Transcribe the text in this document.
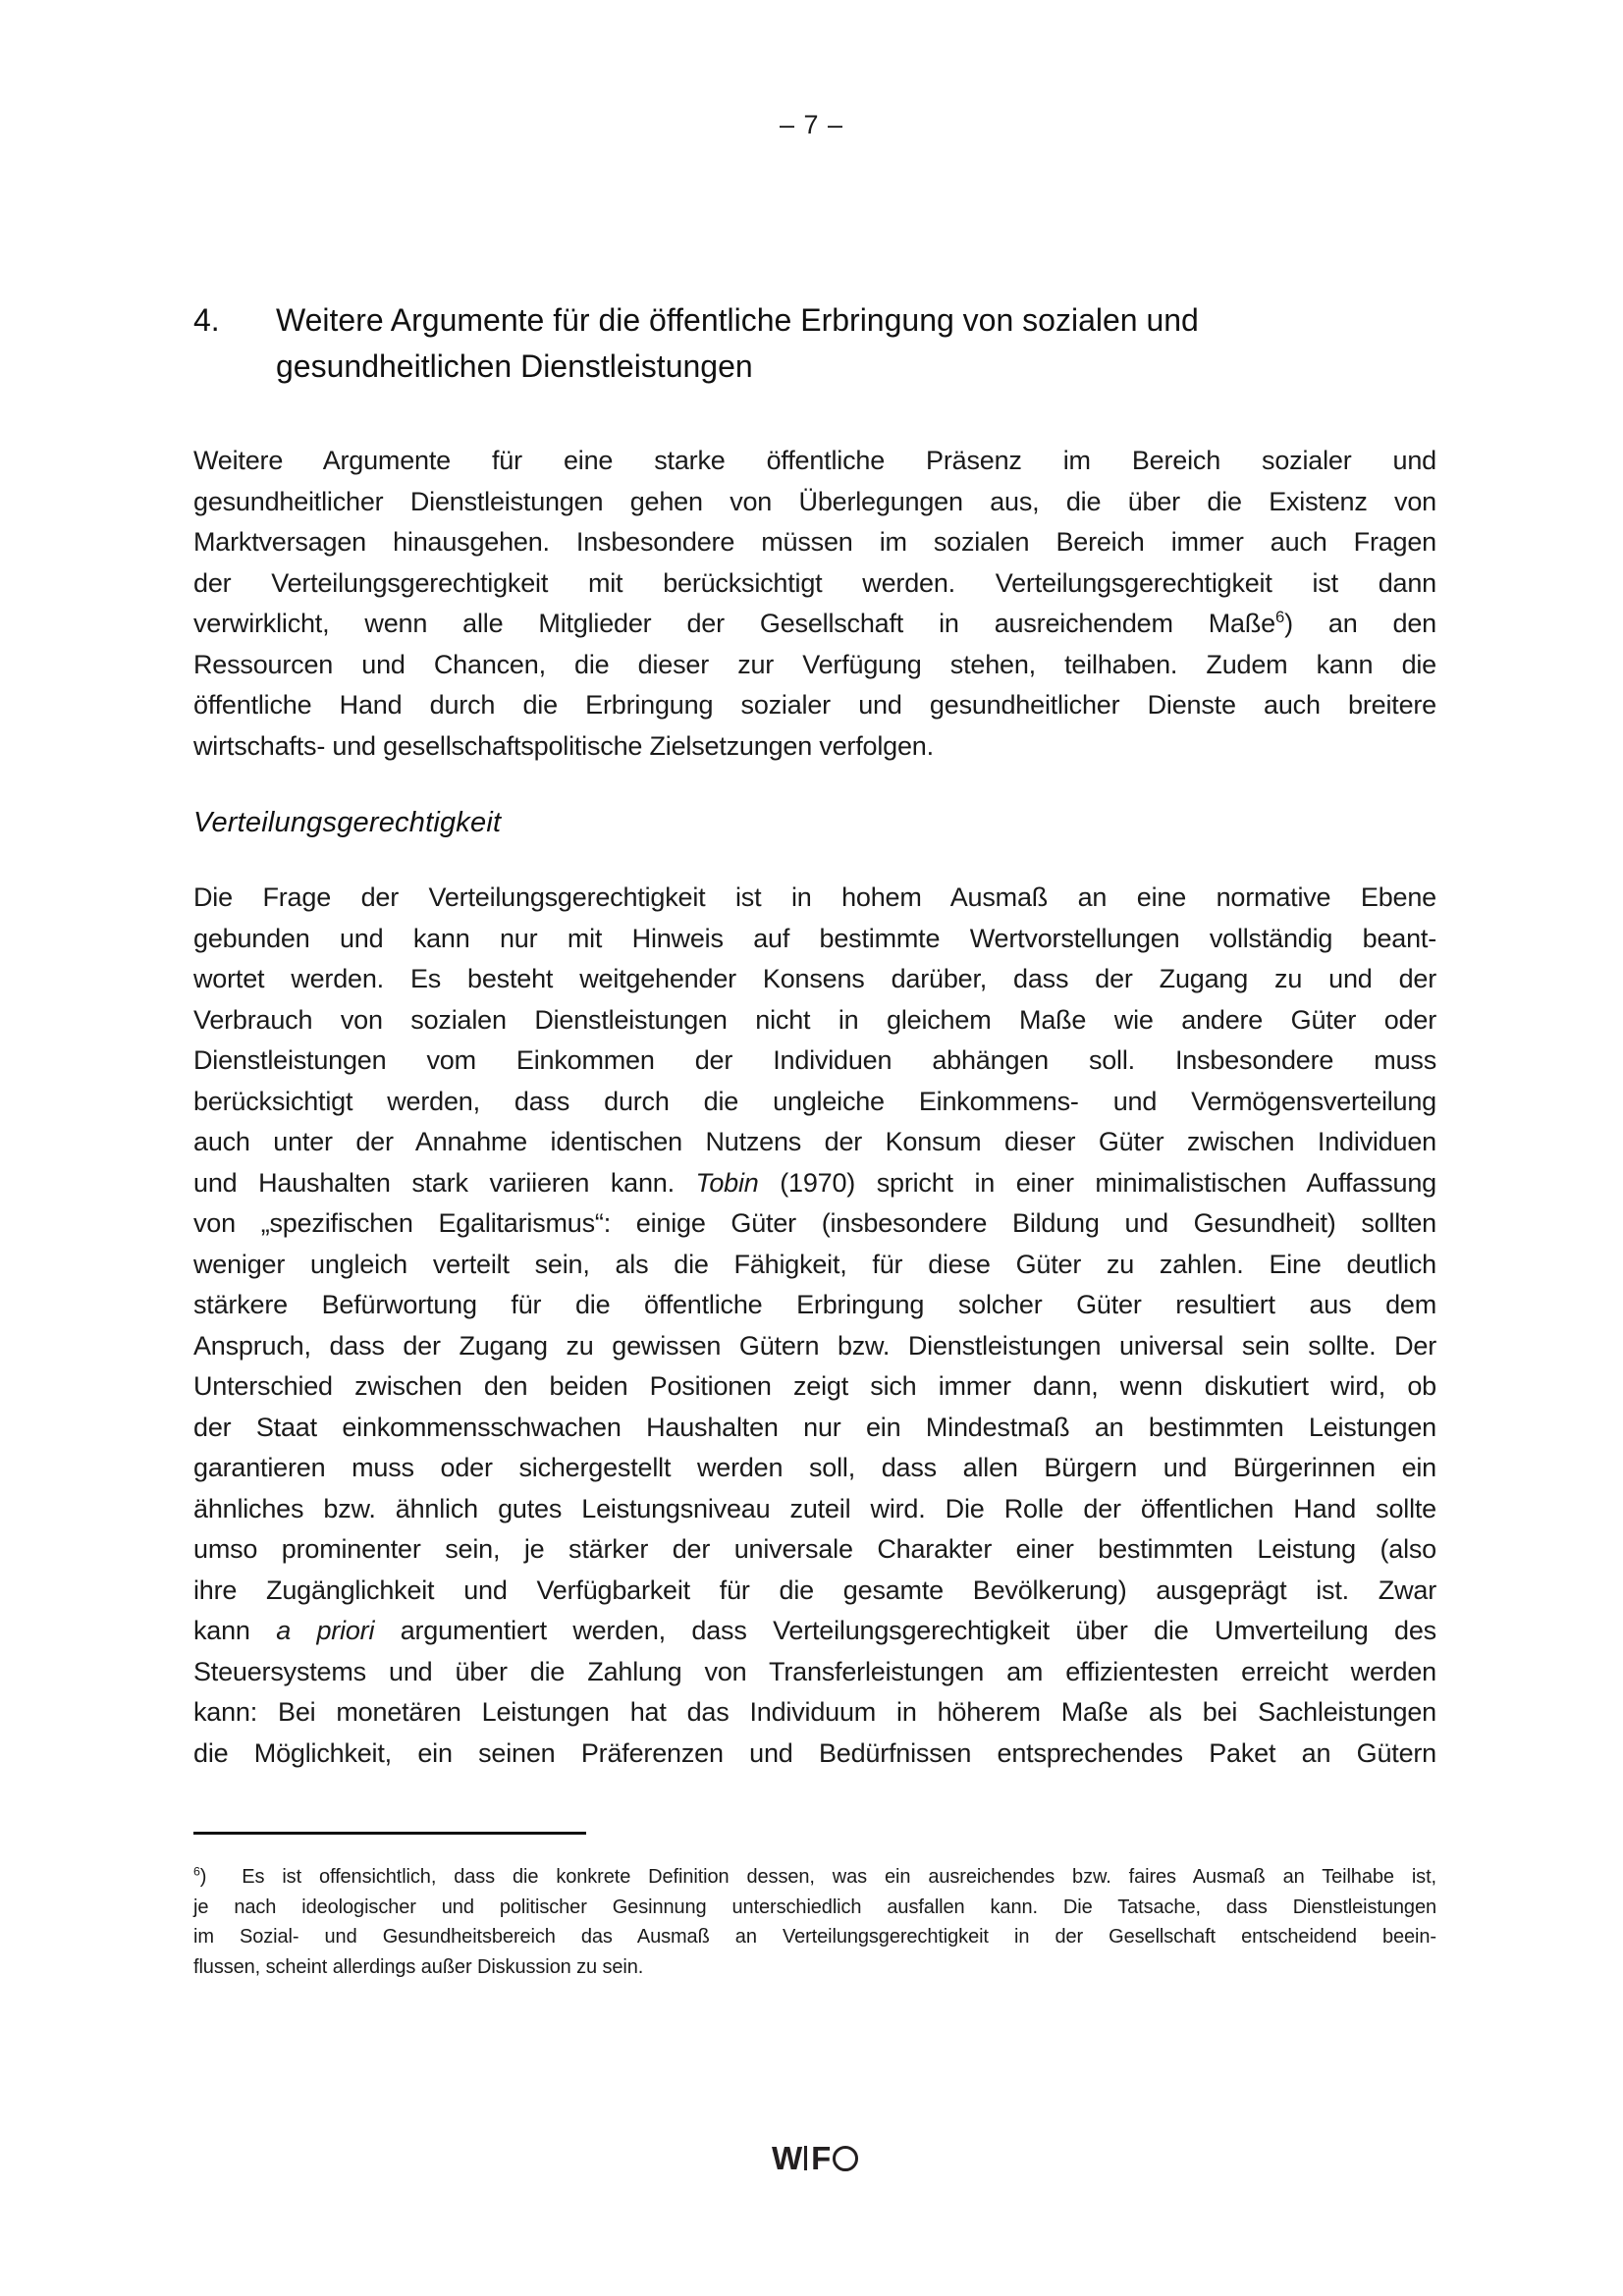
– 7 –
4.	Weitere Argumente für die öffentliche Erbringung von sozialen und
gesundheitlichen Dienstleistungen
Weitere Argumente für eine starke öffentliche Präsenz im Bereich sozialer und
gesundheitlicher Dienstleistungen gehen von Überlegungen aus, die über die Existenz von
Marktversagen hinausgehen. Insbesondere müssen im sozialen Bereich immer auch Fragen
der Verteilungsgerechtigkeit mit berücksichtigt werden. Verteilungsgerechtigkeit ist dann
verwirklicht, wenn alle Mitglieder der Gesellschaft in ausreichendem Maße$^6$) an den
Ressourcen und Chancen, die dieser zur Verfügung stehen, teilhaben. Zudem kann die
öffentliche Hand durch die Erbringung sozialer und gesundheitlicher Dienste auch breitere
wirtschafts- und gesellschaftspolitische Zielsetzungen verfolgen.
Verteilungsgerechtigkeit
Die Frage der Verteilungsgerechtigkeit ist in hohem Ausmaß an eine normative Ebene
gebunden und kann nur mit Hinweis auf bestimmte Wertvorstellungen vollständig beant-
wortet werden. Es besteht weitgehender Konsens darüber, dass der Zugang zu und der
Verbrauch von sozialen Dienstleistungen nicht in gleichem Maße wie andere Güter oder
Dienstleistungen vom Einkommen der Individuen abhängen soll. Insbesondere muss
berücksichtigt werden, dass durch die ungleiche Einkommens- und Vermögensverteilung
auch unter der Annahme identischen Nutzens der Konsum dieser Güter zwischen Individuen
und Haushalten stark variieren kann. Tobin (1970) spricht in einer minimalistischen Auffassung
von „spezifischen Egalitarismus“: einige Güter (insbesondere Bildung und Gesundheit) sollten
weniger ungleich verteilt sein, als die Fähigkeit, für diese Güter zu zahlen. Eine deutlich
stärkere Befürwortung für die öffentliche Erbringung solcher Güter resultiert aus dem
Anspruch, dass der Zugang zu gewissen Gütern bzw. Dienstleistungen universal sein sollte. Der
Unterschied zwischen den beiden Positionen zeigt sich immer dann, wenn diskutiert wird, ob
der Staat einkommensschwachen Haushalten nur ein Mindestmaß an bestimmten Leistungen
garantieren muss oder sichergestellt werden soll, dass allen Bürgern und Bürgerinnen ein
ähnliches bzw. ähnlich gutes Leistungsniveau zuteil wird. Die Rolle der öffentlichen Hand sollte
umso prominenter sein, je stärker der universale Charakter einer bestimmten Leistung (also
ihre Zugänglichkeit und Verfügbarkeit für die gesamte Bevölkerung) ausgeprägt ist. Zwar
kann a priori argumentiert werden, dass Verteilungsgerechtigkeit über die Umverteilung des
Steuersystems und über die Zahlung von Transferleistungen am effizientesten erreicht werden
kann: Bei monetären Leistungen hat das Individuum in höherem Maße als bei Sachleistungen
die Möglichkeit, ein seinen Präferenzen und Bedürfnissen entsprechendes Paket an Gütern
$^6$)  Es ist offensichtlich, dass die konkrete Definition dessen, was ein ausreichendes bzw. faires Ausmaß an Teilhabe ist,
je nach ideologischer und politischer Gesinnung unterschiedlich ausfallen kann. Die Tatsache, dass Dienstleistungen
im Sozial- und Gesundheitsbereich das Ausmaß an Verteilungsgerechtigkeit in der Gesellschaft entscheidend beein-
flussen, scheint allerdings außer Diskussion zu sein.
W F
